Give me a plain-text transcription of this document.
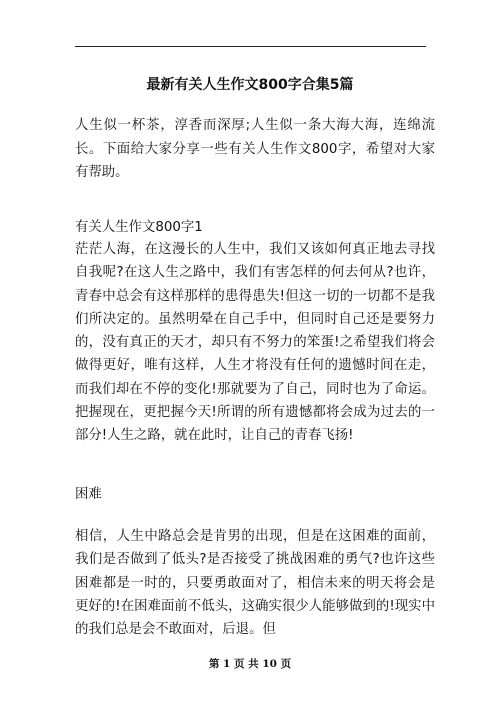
最新有关人生作文800字合集5篇
人生似一杯茶，淳香而深厚;人生似一条大海大海，连绵流长。下面给大家分享一些有关人生作文800字，希望对大家有帮助。
有关人生作文800字1
茫茫人海，在这漫长的人生中，我们又该如何真正地去寻找自我呢?在这人生之路中，我们有害怎样的何去何从?也许，青春中总会有这样那样的患得患失!但这一切的一切都不是我们所决定的。虽然明晕在自己手中，但同时自己还是要努力的，没有真正的天才，却只有不努力的笨蛋!之希望我们将会做得更好，唯有这样，人生才将没有任何的遗憾时间在走，而我们却在不停的变化!那就要为了自己，同时也为了命运。把握现在，更把握今天!所谓的所有遗憾都将会成为过去的一部分!人生之路，就在此时，让自己的青春飞扬!
困难
相信，人生中路总会是肯男的出现，但是在这困难的面前，我们是否做到了低头?是否接受了挑战困难的勇气?也许这些困难都是一时的，只要勇敢面对了，相信未来的明天将会是更好的!在困难面前不低头，这确实很少人能够做到的!现实中的我们总是会不敢面对，后退。但
第 1 页 共 10 页
